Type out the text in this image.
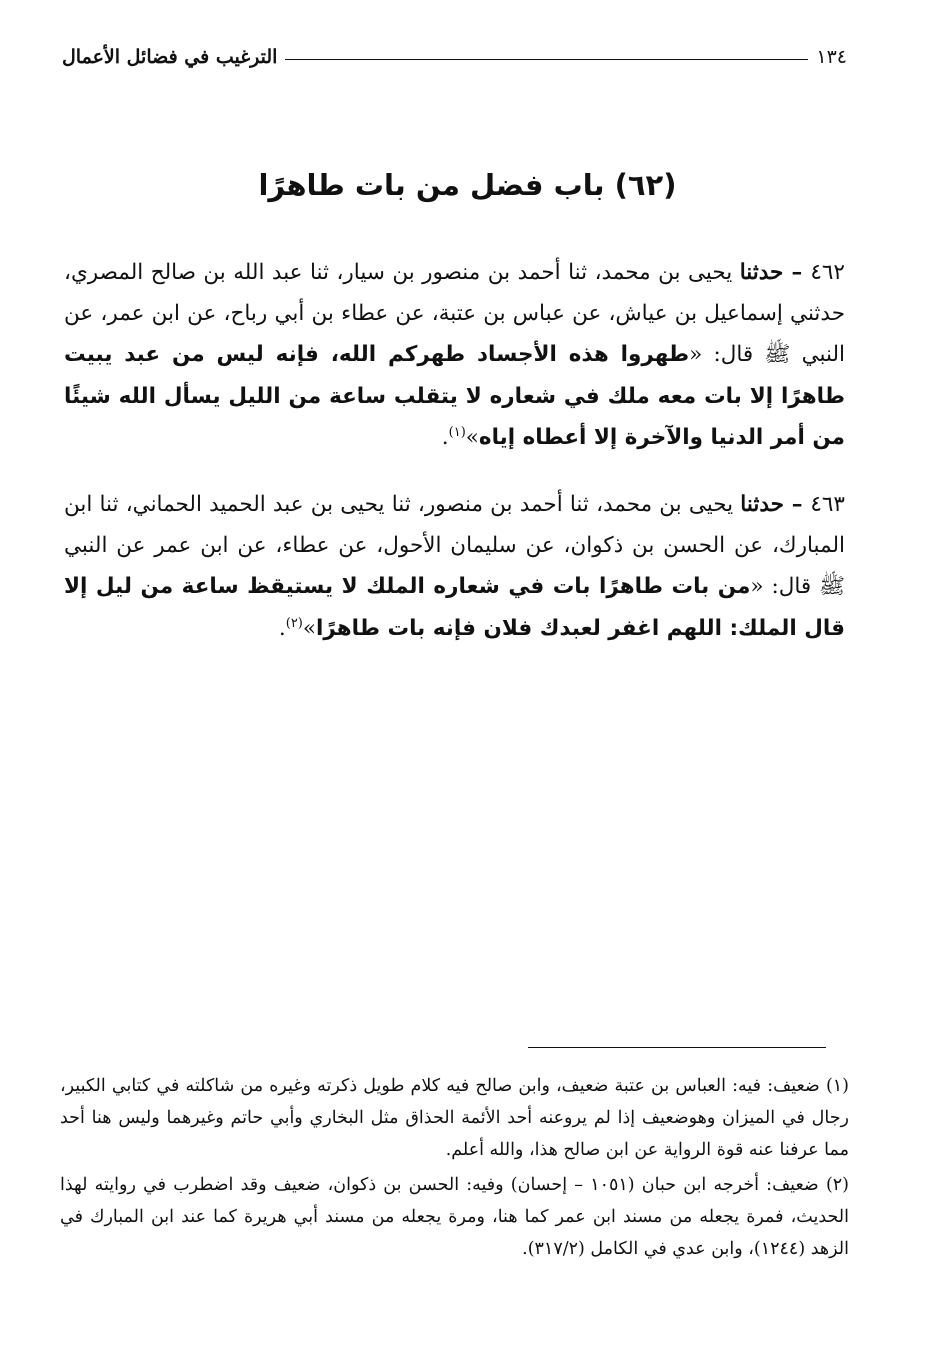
١٣٤
الترغيب في فضائل الأعمال
(٦٢) باب فضل من بات طاهرًا

٤٦٢ – حدثنا يحيى بن محمد، ثنا أحمد بن منصور بن سيار، ثنا عبد الله بن صالح المصري، حدثني إسماعيل بن عياش، عن عباس بن عتبة، عن عطاء بن أبي رباح، عن ابن عمر، عن النبي ﷺ قال: «طهروا هذه الأجساد طهركم الله، فإنه ليس من عبد يبيت طاهرًا إلا بات معه ملك في شعاره لا يتقلب ساعة من الليل يسأل الله شيئًا من أمر الدنيا والآخرة إلا أعطاه إياه»$^{(١)}$.

٤٦٣ – حدثنا يحيى بن محمد، ثنا أحمد بن منصور، ثنا يحيى بن عبد الحميد الحماني، ثنا ابن المبارك، عن الحسن بن ذكوان، عن سليمان الأحول، عن عطاء، عن ابن عمر عن النبي ﷺ قال: «من بات طاهرًا بات في شعاره الملك لا يستيقظ ساعة من ليل إلا قال الملك: اللهم اغفر لعبدك فلان فإنه بات طاهرًا»$^{(٢)}$.

(١) ضعيف: فيه: العباس بن عتبة ضعيف، وابن صالح فيه كلام طويل ذكرته وغيره من شاكلته في كتابي الكبير، رجال في الميزان وهوضعيف إذا لم يروعنه أحد الأئمة الحذاق مثل البخاري وأبي حاتم وغيرهما وليس هنا أحد مما عرفنا عنه قوة الرواية عن ابن صالح هذا، والله أعلم.

(٢) ضعيف: أخرجه ابن حبان (١٠٥١ – إحسان) وفيه: الحسن بن ذكوان، ضعيف وقد اضطرب في روايته لهذا الحديث، فمرة يجعله من مسند ابن عمر كما هنا، ومرة يجعله من مسند أبي هريرة كما عند ابن المبارك في الزهد (١٢٤٤)، وابن عدي في الكامل (٣١٧/٢).
